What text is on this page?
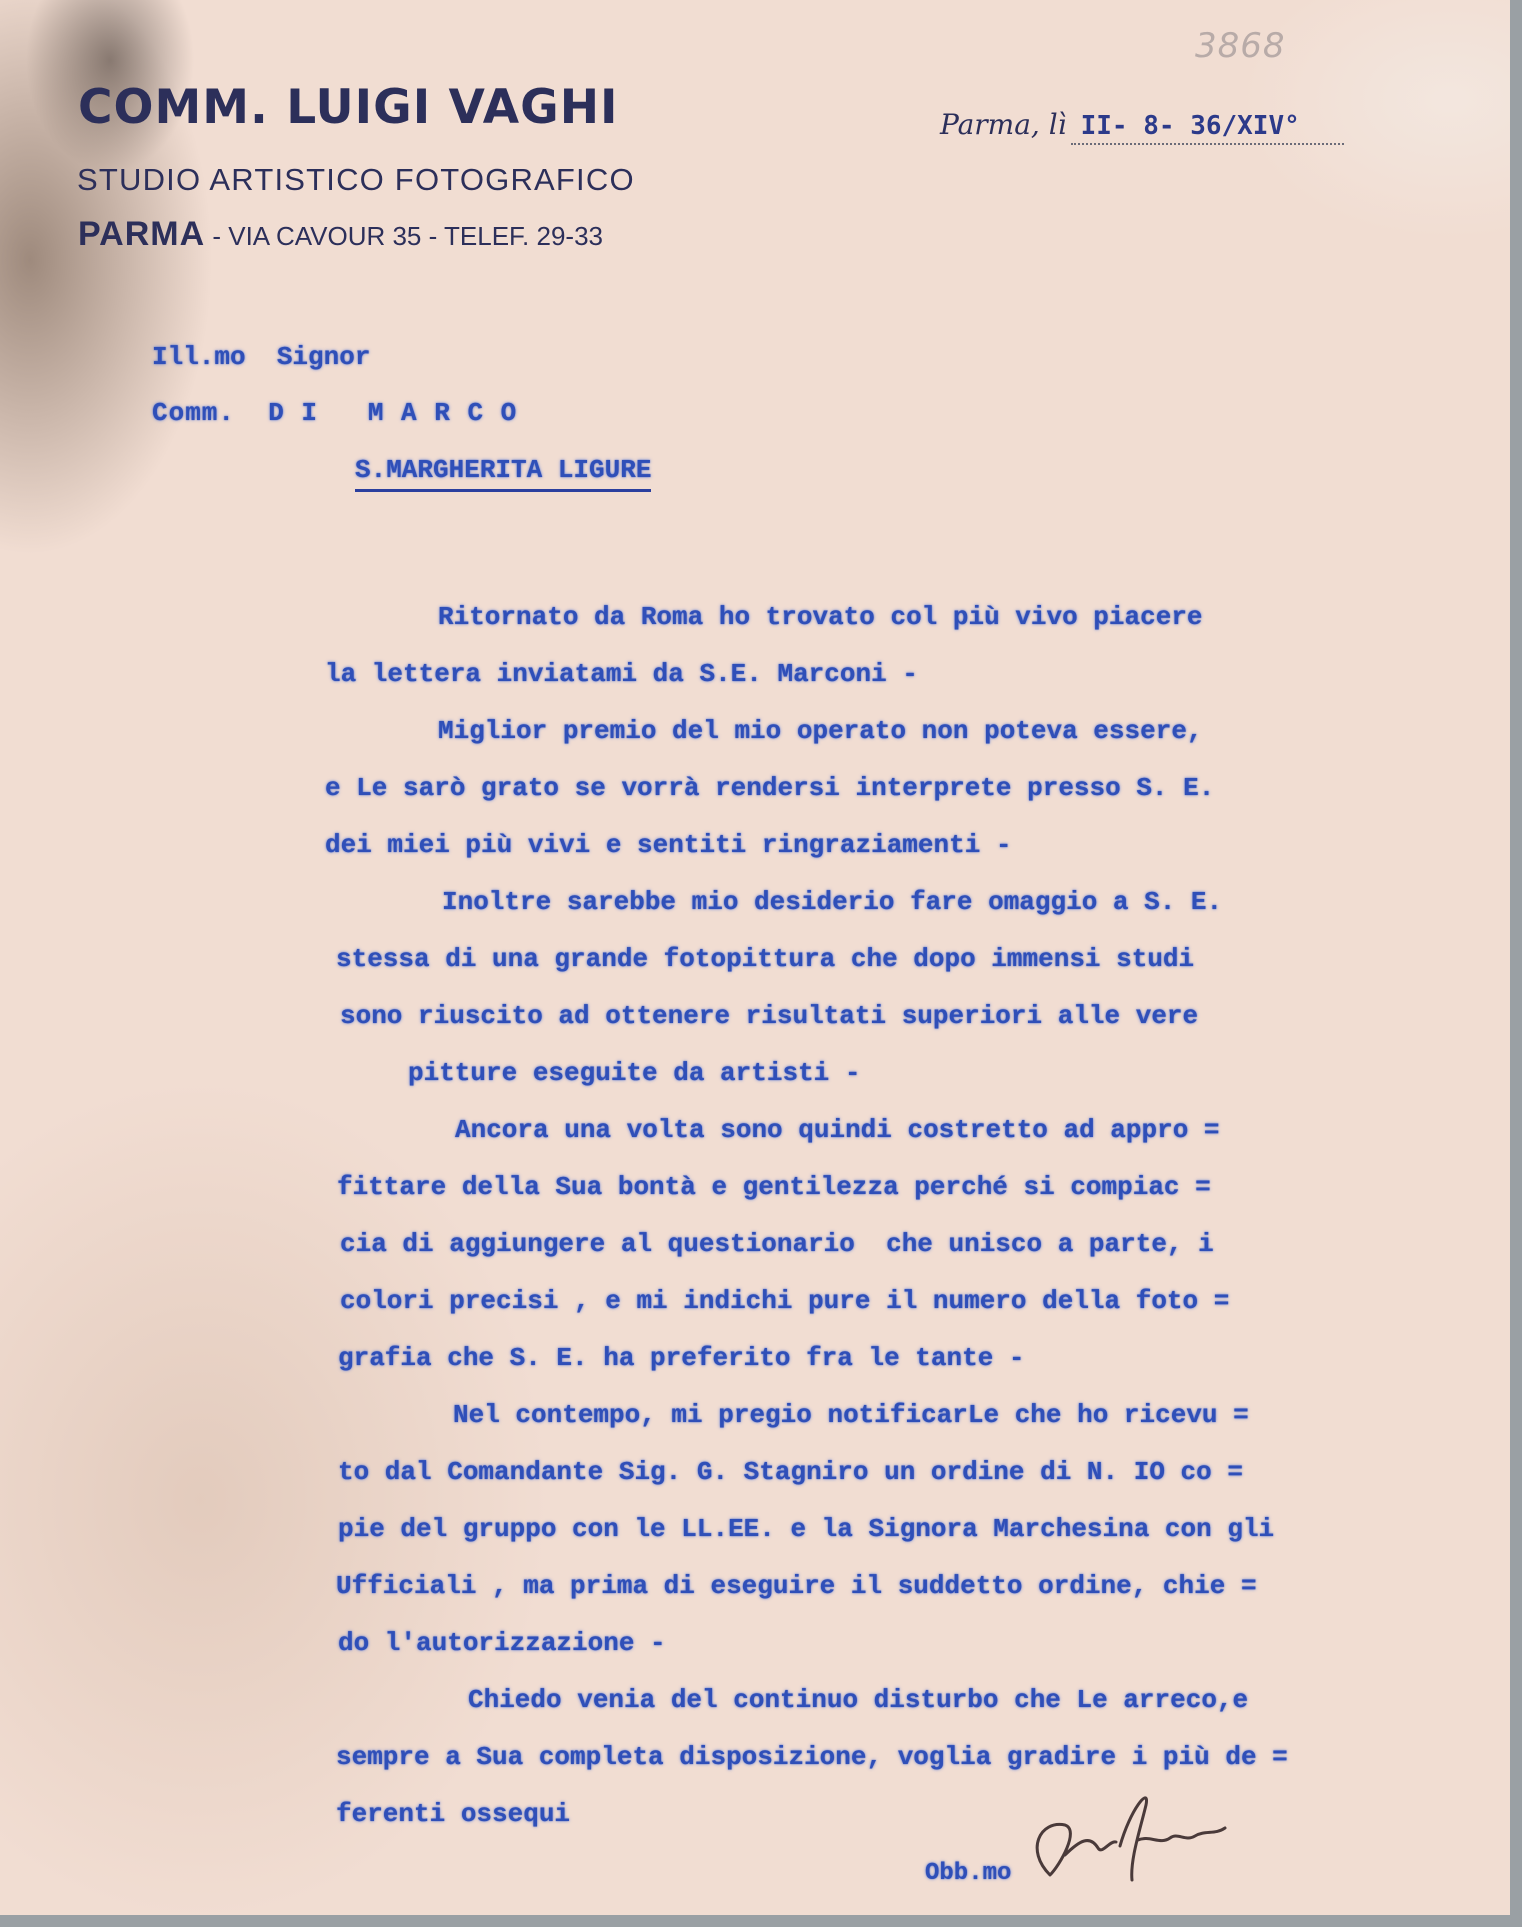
3868
COMM. LUIGI VAGHI
STUDIO ARTISTICO FOTOGRAFICO
PARMA - VIA CAVOUR 35 - TELEF. 29-33
Parma, lì II- 8- 36/XIV°
Ill.mo  Signor
Comm.  D I   M A R C O
S.MARGHERITA LIGURE
Ritornato da Roma ho trovato col più vivo piacere
la lettera inviatami da S.E. Marconi -
Miglior premio del mio operato non poteva essere,
e Le sarò grato se vorrà rendersi interprete presso S. E.
dei miei più vivi e sentiti ringraziamenti -
Inoltre sarebbe mio desiderio fare omaggio a S. E.
stessa di una grande fotopittura che dopo immensi studi
sono riuscito ad ottenere risultati superiori alle vere
pitture eseguite da artisti -
Ancora una volta sono quindi costretto ad appro =
fittare della Sua bontà e gentilezza perché si compiac =
cia di aggiungere al questionario  che unisco a parte, i
colori precisi , e mi indichi pure il numero della foto =
grafia che S. E. ha preferito fra le tante -
Nel contempo, mi pregio notificarLe che ho ricevu =
to dal Comandante Sig. G. Stagniro un ordine di N. IO co =
pie del gruppo con le LL.EE. e la Signora Marchesina con gli
Ufficiali , ma prima di eseguire il suddetto ordine, chie =
do l'autorizzazione -
Chiedo venia del continuo disturbo che Le arreco,e
sempre a Sua completa disposizione, voglia gradire i più de =
ferenti ossequi
Obb.mo
